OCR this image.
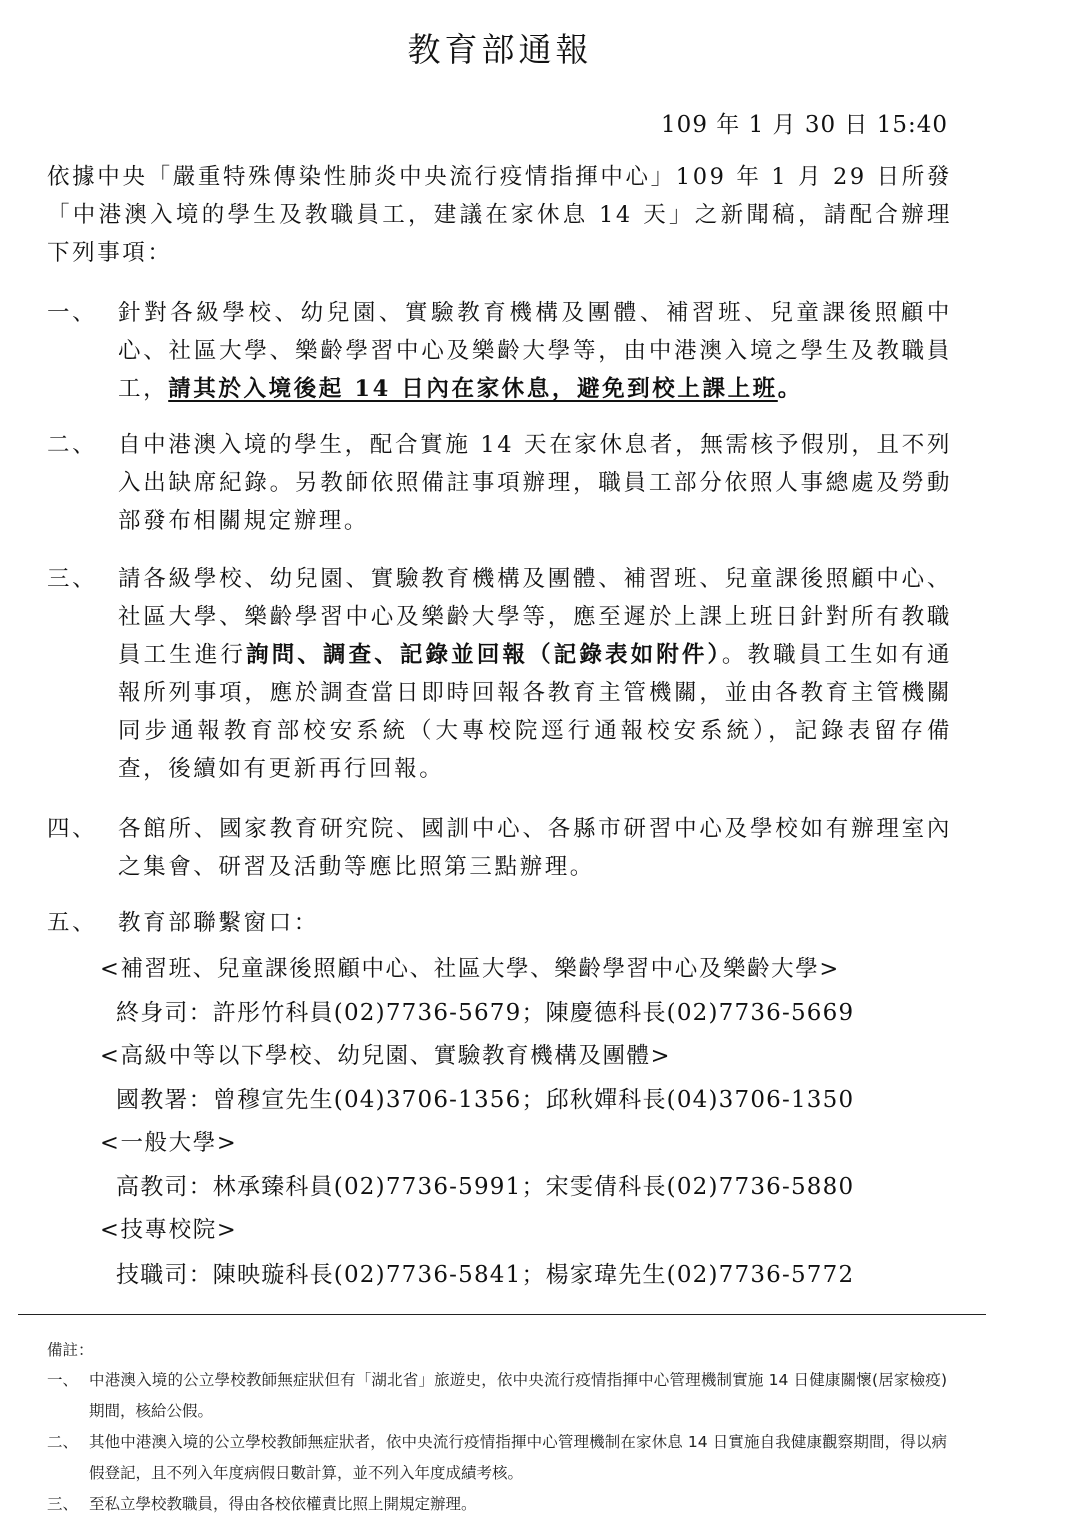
教育部通報
109 年 1 月 30 日 15:40
依據中央「嚴重特殊傳染性肺炎中央流行疫情指揮中心」109 年 1 月 29 日所發「中港澳入境的學生及教職員工，建議在家休息 14 天」之新聞稿，請配合辦理下列事項：
一、 針對各級學校、幼兒園、實驗教育機構及團體、補習班、兒童課後照顧中心、社區大學、樂齡學習中心及樂齡大學等，由中港澳入境之學生及教職員工，請其於入境後起 14 日內在家休息，避免到校上課上班。
二、 自中港澳入境的學生，配合實施 14 天在家休息者，無需核予假別，且不列入出缺席紀錄。另教師依照備註事項辦理，職員工部分依照人事總處及勞動部發布相關規定辦理。
三、 請各級學校、幼兒園、實驗教育機構及團體、補習班、兒童課後照顧中心、社區大學、樂齡學習中心及樂齡大學等，應至遲於上課上班日針對所有教職員工生進行詢問、調查、記錄並回報（記錄表如附件）。教職員工生如有通報所列事項，應於調查當日即時回報各教育主管機關，並由各教育主管機關同步通報教育部校安系統（大專校院逕行通報校安系統），記錄表留存備查，後續如有更新再行回報。
四、 各館所、國家教育研究院、國訓中心、各縣市研習中心及學校如有辦理室內之集會、研習及活動等應比照第三點辦理。
五、 教育部聯繫窗口：
<補習班、兒童課後照顧中心、社區大學、樂齡學習中心及樂齡大學>
終身司：許彤竹科員(02)7736-5679；陳慶德科長(02)7736-5669
<高級中等以下學校、幼兒園、實驗教育機構及團體>
國教署：曾穆宣先生(04)3706-1356；邱秋嬋科長(04)3706-1350
<一般大學>
高教司：林承臻科員(02)7736-5991；宋雯倩科長(02)7736-5880
<技專校院>
技職司：陳映璇科長(02)7736-5841；楊家瑋先生(02)7736-5772
備註：
一、 中港澳入境的公立學校教師無症狀但有「湖北省」旅遊史，依中央流行疫情指揮中心管理機制實施 14 日健康關懷(居家檢疫)期間，核給公假。
二、 其他中港澳入境的公立學校教師無症狀者，依中央流行疫情指揮中心管理機制在家休息 14 日實施自我健康觀察期間，得以病假登記，且不列入年度病假日數計算，並不列入年度成績考核。
三、 至私立學校教職員，得由各校依權責比照上開規定辦理。
